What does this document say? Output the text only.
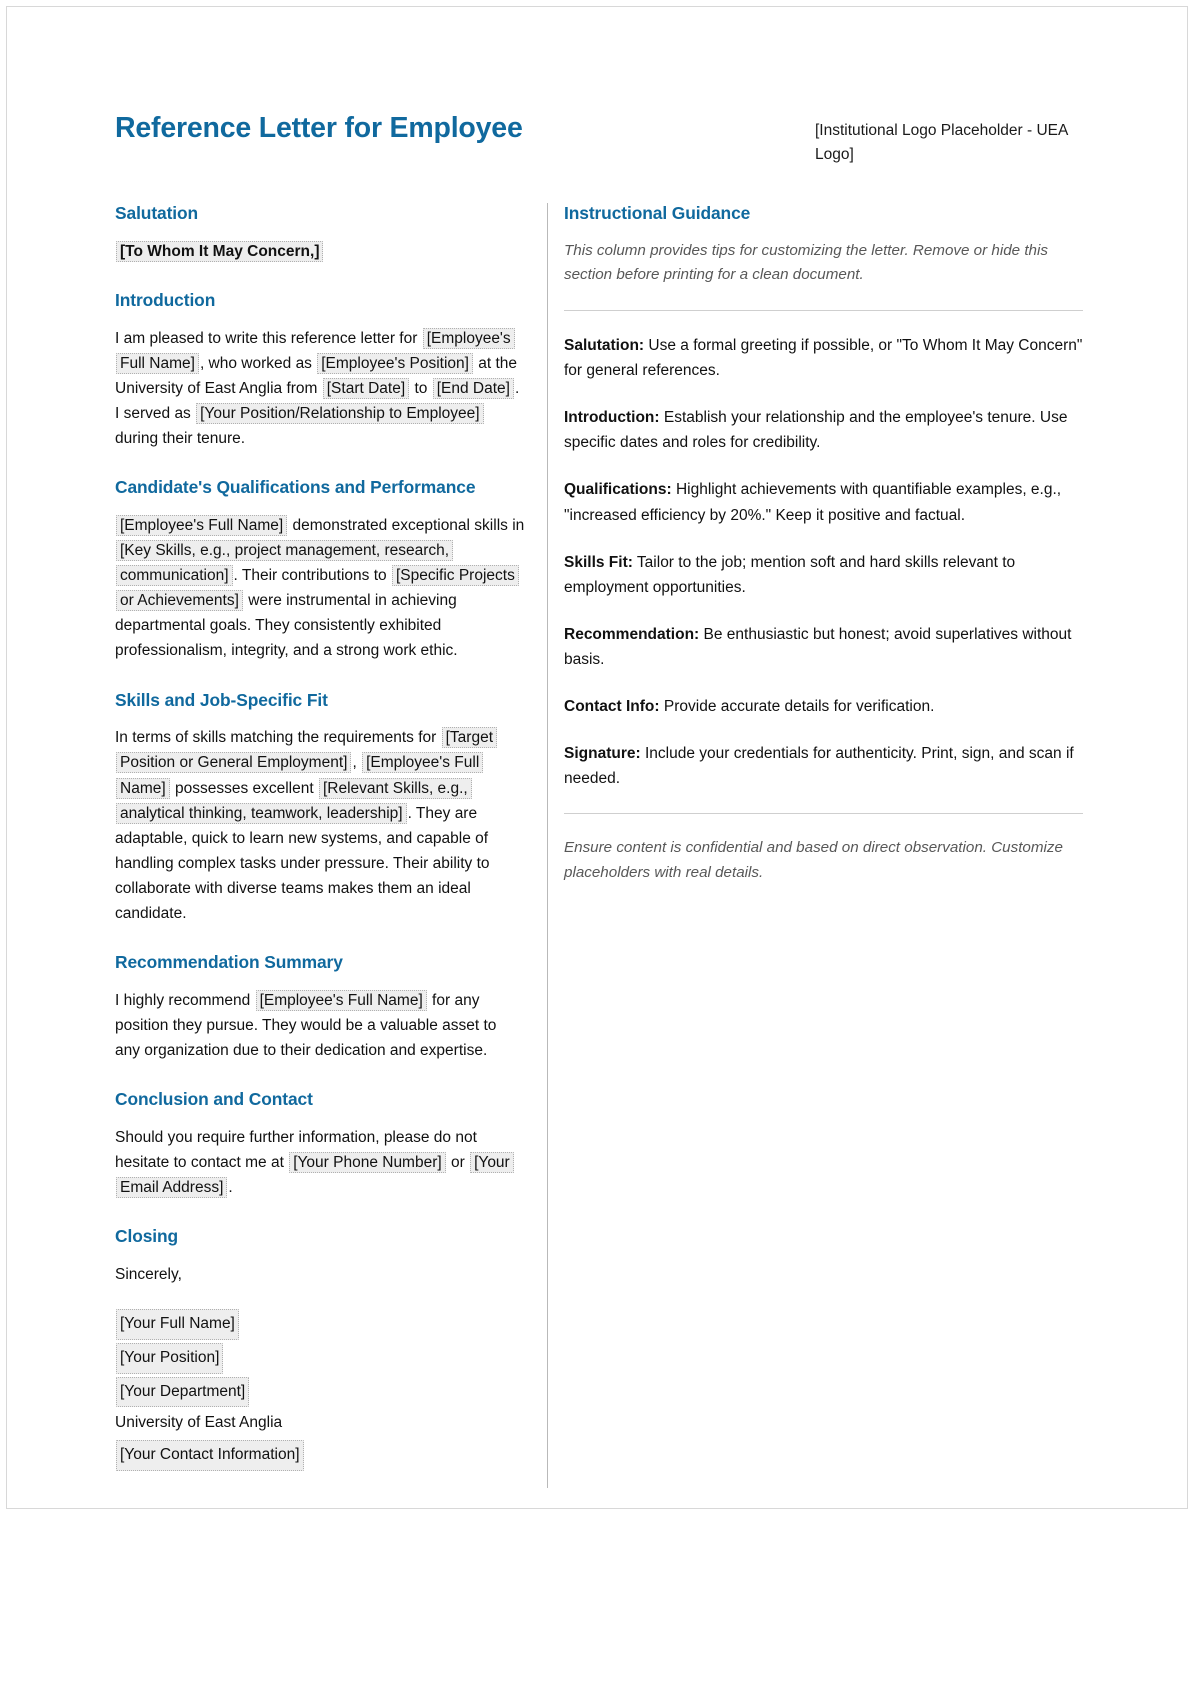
Reference Letter for Employee	[Institutional Logo Placeholder - UEA Logo]
Salutation
[To Whom It May Concern,]
Introduction

I am pleased to write this reference letter for [Employee's Full Name] , who worked as [Employee's Position] at the University of East Anglia from [Start Date] to [End Date] . I served as [Your Position/Relationship to Employee] during their tenure.

Candidate's Qualifications and Performance

[Employee's Full Name] demonstrated exceptional skills in [Key Skills, e.g., project management, research, communication] . Their contributions to [Specific Projects or Achievements] were instrumental in achieving departmental goals. They consistently exhibited professionalism, integrity, and a strong work ethic.

Skills and Job-Specific Fit

In terms of skills matching the requirements for [Target Position or General Employment] , [Employee's Full Name] possesses excellent [Relevant Skills, e.g., analytical thinking, teamwork, leadership] . They are adaptable, quick to learn new systems, and capable of handling complex tasks under pressure. Their ability to collaborate with diverse teams makes them an ideal candidate.

Recommendation Summary

I highly recommend [Employee's Full Name] for any position they pursue. They would be a valuable asset to any organization due to their dedication and expertise.

Conclusion and Contact

Should you require further information, please do not hesitate to contact me at [Your Phone Number] or [Your Email Address] .

Closing

Sincerely,

[Your Full Name]
[Your Position]
[Your Department]
University of East Anglia
[Your Contact Information]
Instructional Guidance

This column provides tips for customizing the letter. Remove or hide this section before printing for a clean document.

Salutation: Use a formal greeting if possible, or "To Whom It May Concern" for general references.

Introduction: Establish your relationship and the employee's tenure. Use specific dates and roles for credibility.

Qualifications: Highlight achievements with quantifiable examples, e.g., "increased efficiency by 20%." Keep it positive and factual.

Skills Fit: Tailor to the job; mention soft and hard skills relevant to employment opportunities.

Recommendation: Be enthusiastic but honest; avoid superlatives without basis.

Contact Info: Provide accurate details for verification.

Signature: Include your credentials for authenticity. Print, sign, and scan if needed.

Ensure content is confidential and based on direct observation. Customize placeholders with real details.
